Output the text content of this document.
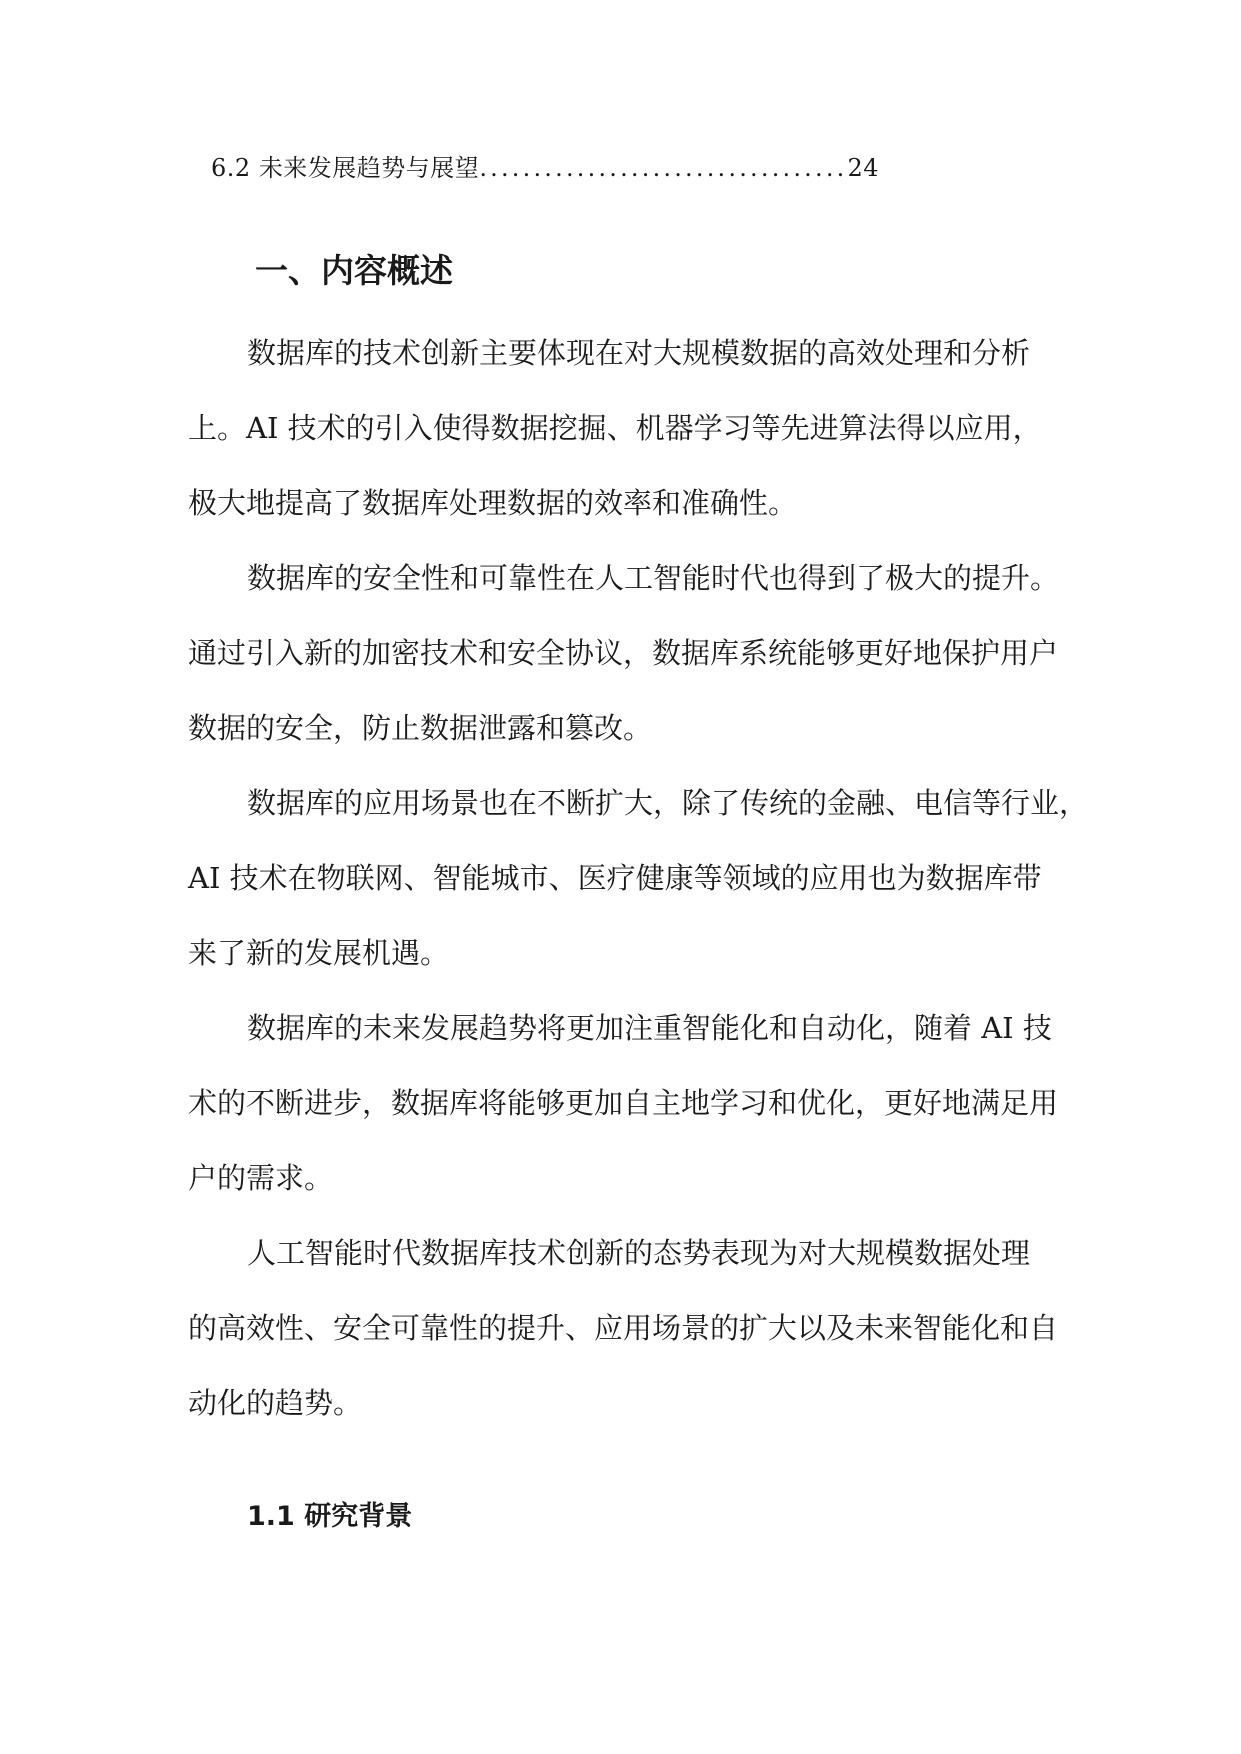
6.2 未来发展趋势与展望..................................24
一、内容概述
数据库的技术创新主要体现在对大规模数据的高效处理和分析
上。AI 技术的引入使得数据挖掘、机器学习等先进算法得以应用，
极大地提高了数据库处理数据的效率和准确性。
数据库的安全性和可靠性在人工智能时代也得到了极大的提升。
通过引入新的加密技术和安全协议，数据库系统能够更好地保护用户
数据的安全，防止数据泄露和篡改。
数据库的应用场景也在不断扩大，除了传统的金融、电信等行业，
AI 技术在物联网、智能城市、医疗健康等领域的应用也为数据库带
来了新的发展机遇。
数据库的未来发展趋势将更加注重智能化和自动化，随着 AI 技
术的不断进步，数据库将能够更加自主地学习和优化，更好地满足用
户的需求。
人工智能时代数据库技术创新的态势表现为对大规模数据处理
的高效性、安全可靠性的提升、应用场景的扩大以及未来智能化和自
动化的趋势。
1.1 研究背景
